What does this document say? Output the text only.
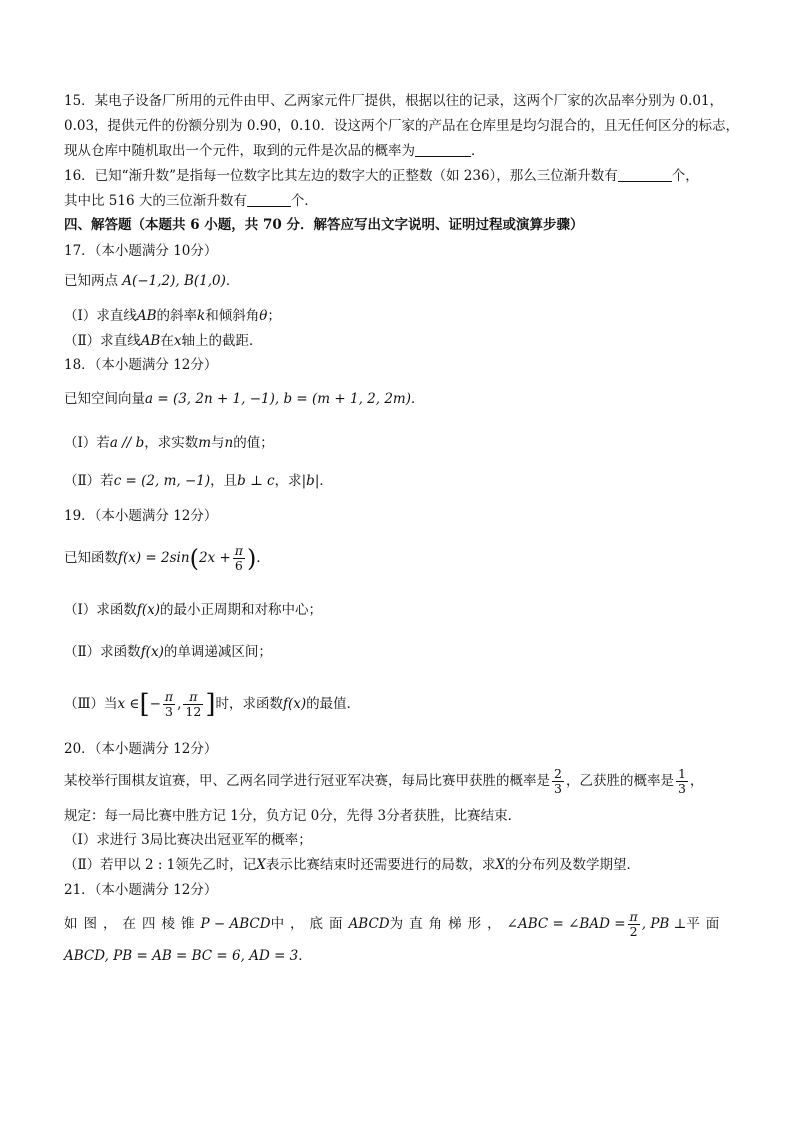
15．某电子设备厂所用的元件由甲、乙两家元件厂提供，根据以往的记录，这两个厂家的次品率分别为 0.01，
0.03，提供元件的份额分别为 0.90，0.10．设这两个厂家的产品在仓库里是均匀混合的，且无任何区分的标志，
现从仓库中随机取出一个元件，取到的元件是次品的概率为	．
16．已知“渐升数”是指每一位数字比其左边的数字大的正整数（如 236），那么三位渐升数有	个，
其中比 516 大的三位渐升数有	个．
四、解答题（本题共 6 小题，共 70 分．解答应写出文字说明、证明过程或演算步骤）
17．（本小题满分 10分）
已知两点 A(−1,2), B(1,0)．
（Ⅰ）求直线AB的斜率k和倾斜角θ；
（Ⅱ）求直线AB在x轴上的截距．
18．（本小题满分 12分）
已知空间向量a = (3, 2n + 1, −1), b = (m + 1, 2, 2m)．
（Ⅰ）若a // b，求实数m与n的值；
（Ⅱ）若c = (2, m, −1)，且b ⊥ c，求|b|．
19．（本小题满分 12分）
已知函数$f(x) = 2\sin(2x + \frac{\pi}{6}$ )．
（Ⅰ）求函数f(x)的最小正周期和对称中心；
（Ⅱ）求函数f(x)的单调递减区间；
（Ⅲ）当x ∈[− $\frac{\pi}{3}$ , $\frac{\pi}{12}$ ]时，求函数f(x)的最值．
20．（本小题满分 12分）
某校举行围棋友谊赛，甲、乙两名同学进行冠亚军决赛，每局比赛甲获胜的概率是 $\frac{2}{3}$ ，乙获胜的概率是 $\frac{1}{3}$ ，
规定：每一局比赛中胜方记 1分，负方记 0分，先得 3分者获胜，比赛结束．
（Ⅰ）求进行 3局比赛决出冠亚军的概率；
（Ⅱ）若甲以 2 : 1领先乙时，记X表示比赛结束时还需要进行的局数，求X的分布列及数学期望．
21．（本小题满分 12分）
如图，在四棱锥P − ABCD中，底面ABCD为直角梯形，∠ABC = ∠BAD = $\frac{\pi}{2}$ , PB ⊥平面
ABCD, PB = AB = BC = 6, AD = 3．
